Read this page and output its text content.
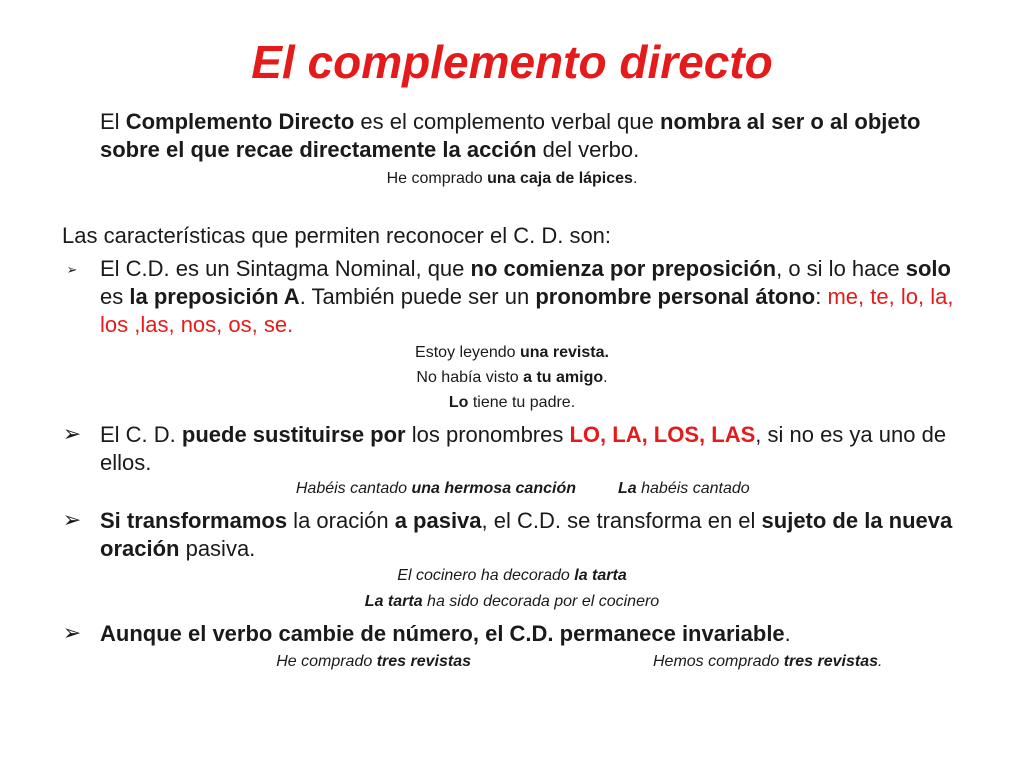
El complemento directo
El Complemento Directo es el complemento verbal que nombra al ser o al objeto sobre el que recae directamente la acción del verbo.
He comprado una caja de lápices.
Las características que permiten reconocer el C. D. son:
➢ El C.D. es un Sintagma Nominal, que no comienza por preposición, o si lo hace solo es la preposición A. También puede ser un pronombre personal átono: me, te, lo, la, los ,las, nos, os, se.
Estoy leyendo una revista.
No había visto a tu amigo.
Lo tiene tu padre.
➢ El C. D. puede sustituirse por los pronombres LO, LA, LOS, LAS, si no es ya uno de ellos.
Habéis cantado una hermosa canción	La habéis cantado
➢ Si transformamos la oración a pasiva, el C.D. se transforma en el sujeto de la nueva oración pasiva.
El cocinero ha decorado la tarta
La tarta ha sido decorada por el cocinero
➢ Aunque el verbo cambie de número, el C.D. permanece invariable.
He comprado tres revistas	Hemos comprado tres revistas.
